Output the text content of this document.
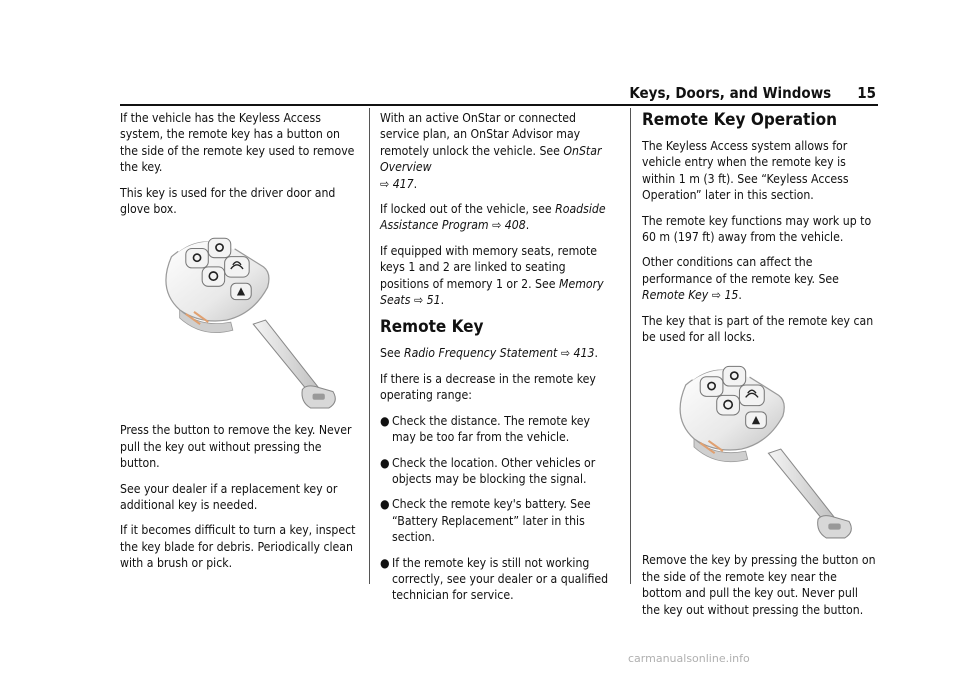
Keys, Doors, and Windows 15

If the vehicle has the Keyless Access system, the remote key has a button on the side of the remote key used to remove the key.

This key is used for the driver door and glove box.

Press the button to remove the key. Never pull the key out without pressing the button.

See your dealer if a replacement key or additional key is needed.

If it becomes difficult to turn a key, inspect the key blade for debris. Periodically clean with a brush or pick.

With an active OnStar or connected service plan, an OnStar Advisor may remotely unlock the vehicle. See OnStar Overview
⇨ 417.

If locked out of the vehicle, see Roadside Assistance Program ⇨ 408.

If equipped with memory seats, remote keys 1 and 2 are linked to seating positions of memory 1 or 2. See Memory Seats ⇨ 51.

Remote Key

See Radio Frequency Statement ⇨ 413.

If there is a decrease in the remote key operating range:

● Check the distance. The remote key may be too far from the vehicle.
● Check the location. Other vehicles or objects may be blocking the signal.
● Check the remote key's battery. See “Battery Replacement” later in this section.
● If the remote key is still not working correctly, see your dealer or a qualified technician for service.
Remote Key Operation

The Keyless Access system allows for vehicle entry when the remote key is within 1 m (3 ft). See “Keyless Access Operation” later in this section.

The remote key functions may work up to 60 m (197 ft) away from the vehicle.

Other conditions can affect the performance of the remote key. See Remote Key ⇨ 15.

The key that is part of the remote key can be used for all locks.

Remove the key by pressing the button on the side of the remote key near the bottom and pull the key out. Never pull the key out without pressing the button.

carmanualsonline.info
